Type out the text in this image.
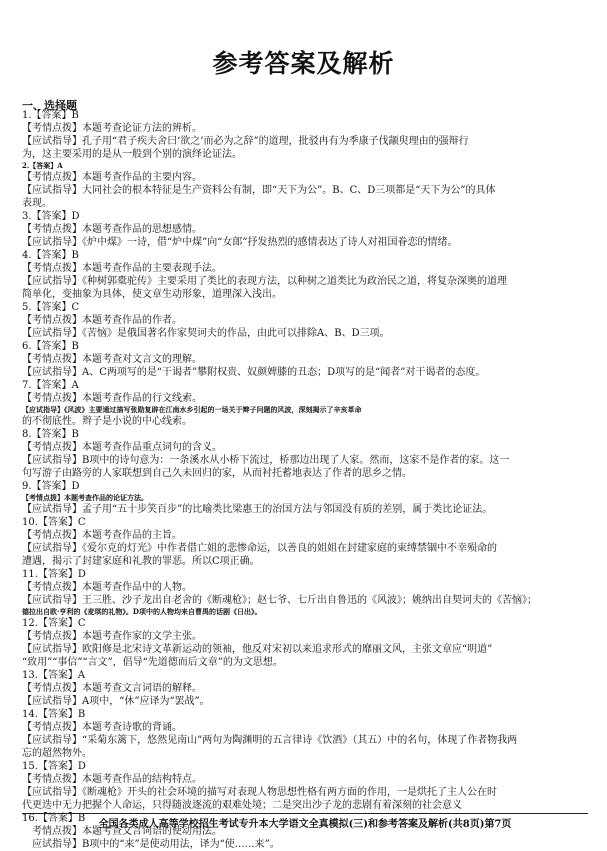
参考答案及解析
一、选择题
1.【答案】B
【考情点拨】本题考查论证方法的辨析。
【应试指导】孔子用“君子疾夫舍曰‘欲之’而必为之辞”的道理，批驳冉有为季康子伐颛臾理由的强辩行
为，这主要采用的是从一般到个别的演绎论证法。
2.【答案】A
【考情点拨】本题考查作品的主要内容。
【应试指导】大同社会的根本特征是生产资料公有制，即“天下为公”。B、C、D三项都是“天下为公”的具体
表现。
3.【答案】D
【考情点拨】本题考查作品的思想感情。
【应试指导】《炉中煤》一诗，借“炉中煤”向“女郎”抒发热烈的感情表达了诗人对祖国眷恋的情绪。
4.【答案】B
【考情点拨】本题考查作品的主要表现手法。
【应试指导】《种树郭橐驼传》主要采用了类比的表现方法，以种树之道类比为政治民之道，将复杂深奥的道理
简单化，变抽象为具体，使文章生动形象，道理深入浅出。
5.【答案】C
【考情点拨】本题考查作品的作者。
【应试指导】《苦恼》是俄国著名作家契诃夫的作品，由此可以排除A、B、D三项。
6.【答案】B
【考情点拨】本题考查对文言文的理解。
【应试指导】A、C两项写的是“干谒者”攀附权贵、奴颜婢膝的丑态；D项写的是“闻者”对干谒者的态度。
7.【答案】A
【考情点拨】本题考查作品的行文线索。
【应试指导】《风波》主要通过描写张勋复辟在江南水乡引起的一场关于辫子问题的风波，深刻揭示了辛亥革命
的不彻底性。辫子是小说的中心线索。
8.【答案】B
【考情点拨】本题考查作品重点词句的含义。
【应试指导】B项中的诗句意为：一条溪水从小桥下流过，桥那边出现了人家。然而，这家不是作者的家。这一
句写游子由路旁的人家联想到自己久未回归的家，从而衬托蓄地表达了作者的思乡之情。
9.【答案】D
【考情点拨】本题考查作品的论证方法。
【应试指导】孟子用“五十步笑百步”的比喻类比梁惠王的治国方法与邻国没有质的差别，属于类比论证法。
10.【答案】C
【考情点拨】本题考查作品的主旨。
【应试指导】《爱尔克的灯光》中作者借亡姐的悲惨命运，以善良的姐姐在封建家庭的束缚禁锢中不幸殒命的
遭遇，揭示了封建家庭和礼教的罪恶。所以C项正确。
11.【答案】D
【考情点拨】本题考查作品中的人物。
【应试指导】王三胜、沙子龙出自老舍的《断魂枪》；赵七爷、七斤出自鲁迅的《风波》；姚纳出自契诃夫的《苦恼》；
德拉出自欧·亨利的《麦琪的礼物》。D项中的人物均来自曹禺的话剧《日出》。
12.【答案】C
【考情点拨】本题考查作家的文学主张。
【应试指导】欧阳修是北宋诗文革新运动的领袖，他反对宋初以来追求形式的靡丽文风，主张文章应“明道”
“致用”“事信”“言文”，倡导“先道德而后文章”的为文思想。
13.【答案】A
【考情点拨】本题考查文言词语的解释。
【应试指导】A项中，“休”应译为“罢战”。
14.【答案】B
【考情点拨】本题考查诗歌的背诵。
【应试指导】“采菊东篱下，悠然见南山”两句为陶渊明的五言律诗《饮酒》（其五）中的名句，体现了作者物我两
忘的超然物外。
15.【答案】D
【考情点拨】本题考查作品的结构特点。
【应试指导】《断魂枪》开头的社会环境的描写对表现人物思想性格有两方面的作用，一是烘托了主人公在时
代更迭中无力把握个人命运，只得随波逐流的艰难处境；二是突出沙子龙的悲剧有着深刻的社会意义
16.【答案】B
考情点拨】本题考查文言词语的使动用法。
应试指导】B项中的“来”是使动用法，译为“使……来”。
全国各类成人高等学校招生考试专升本大学语文全真模拟(三)和参考答案及解析(共8页)第7页
